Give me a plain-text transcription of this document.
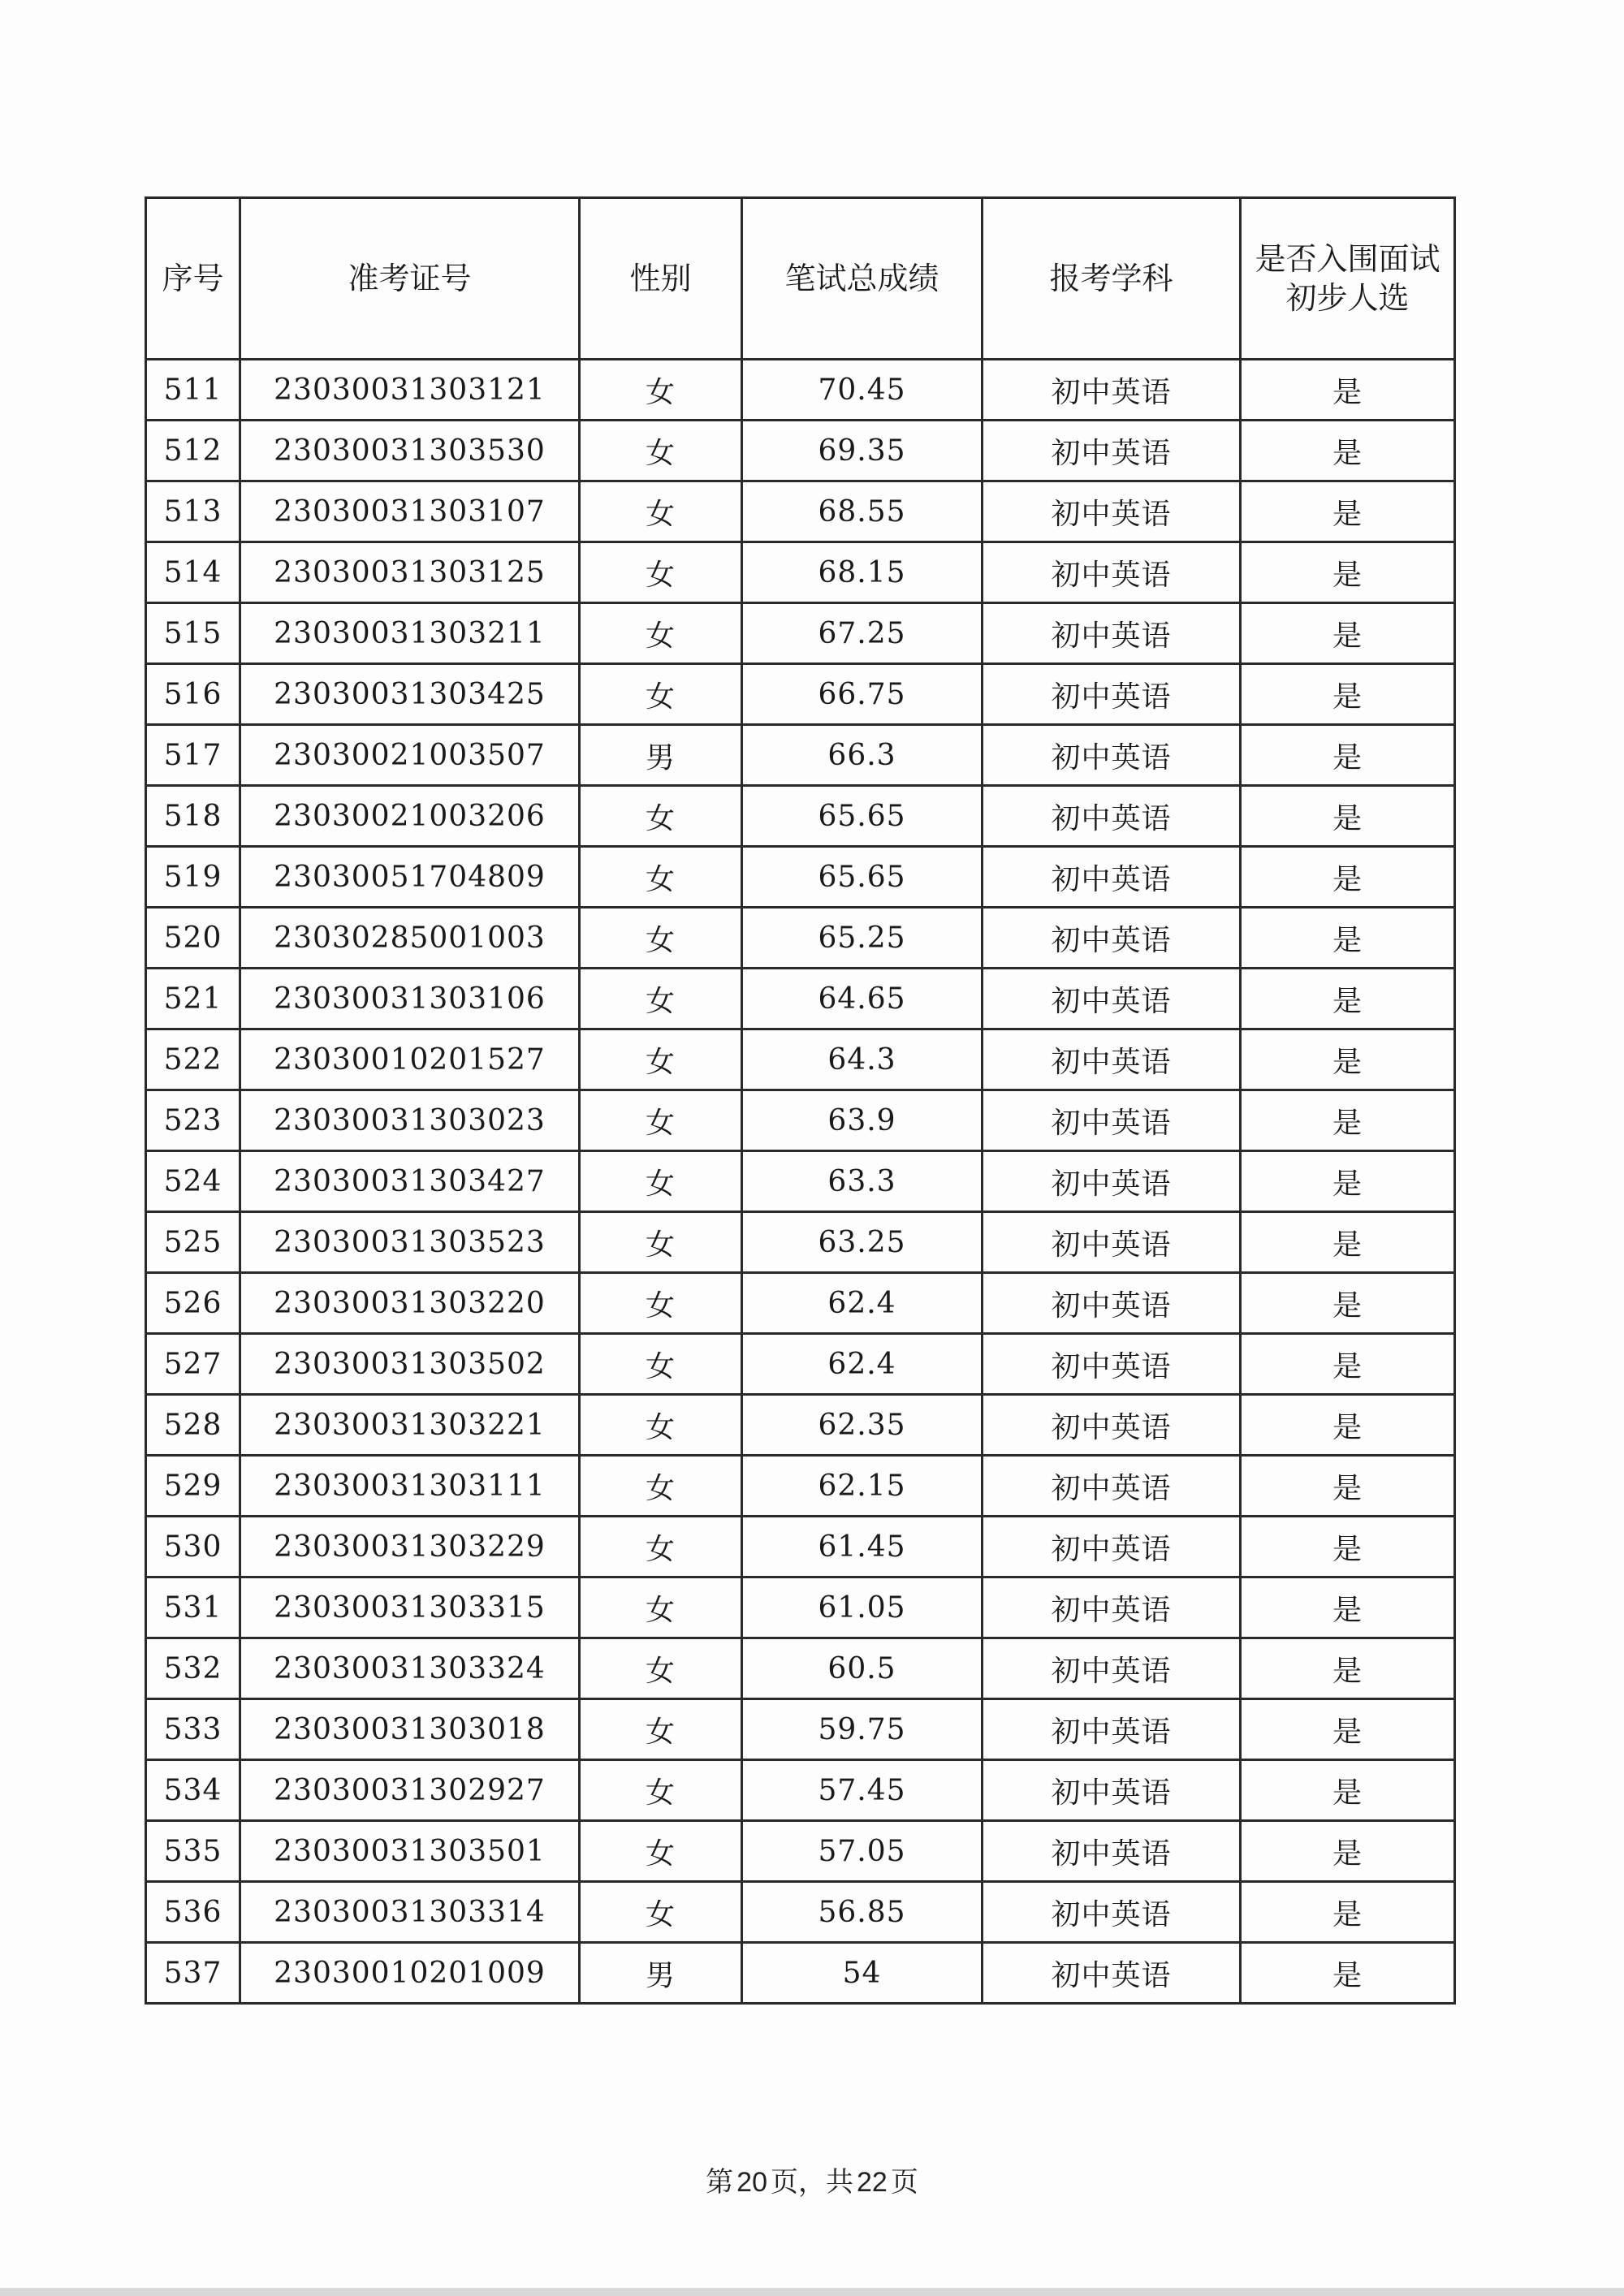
序号	准考证号	性别	笔试总成绩	报考学科	是否入围面试
初步人选

511	23030031303121	女	70.45	初中英语	是
512	23030031303530	女	69.35	初中英语	是
513	23030031303107	女	68.55	初中英语	是
514	23030031303125	女	68.15	初中英语	是
515	23030031303211	女	67.25	初中英语	是
516	23030031303425	女	66.75	初中英语	是
517	23030021003507	男	66.3	初中英语	是
518	23030021003206	女	65.65	初中英语	是
519	23030051704809	女	65.65	初中英语	是
520	23030285001003	女	65.25	初中英语	是
521	23030031303106	女	64.65	初中英语	是
522	23030010201527	女	64.3	初中英语	是
523	23030031303023	女	63.9	初中英语	是
524	23030031303427	女	63.3	初中英语	是
525	23030031303523	女	63.25	初中英语	是
526	23030031303220	女	62.4	初中英语	是
527	23030031303502	女	62.4	初中英语	是
528	23030031303221	女	62.35	初中英语	是
529	23030031303111	女	62.15	初中英语	是
530	23030031303229	女	61.45	初中英语	是
531	23030031303315	女	61.05	初中英语	是
532	23030031303324	女	60.5	初中英语	是
533	23030031303018	女	59.75	初中英语	是
534	23030031302927	女	57.45	初中英语	是
535	23030031303501	女	57.05	初中英语	是
536	23030031303314	女	56.85	初中英语	是
537	23030010201009	男	54	初中英语	是
第 20 页，共 22 页
